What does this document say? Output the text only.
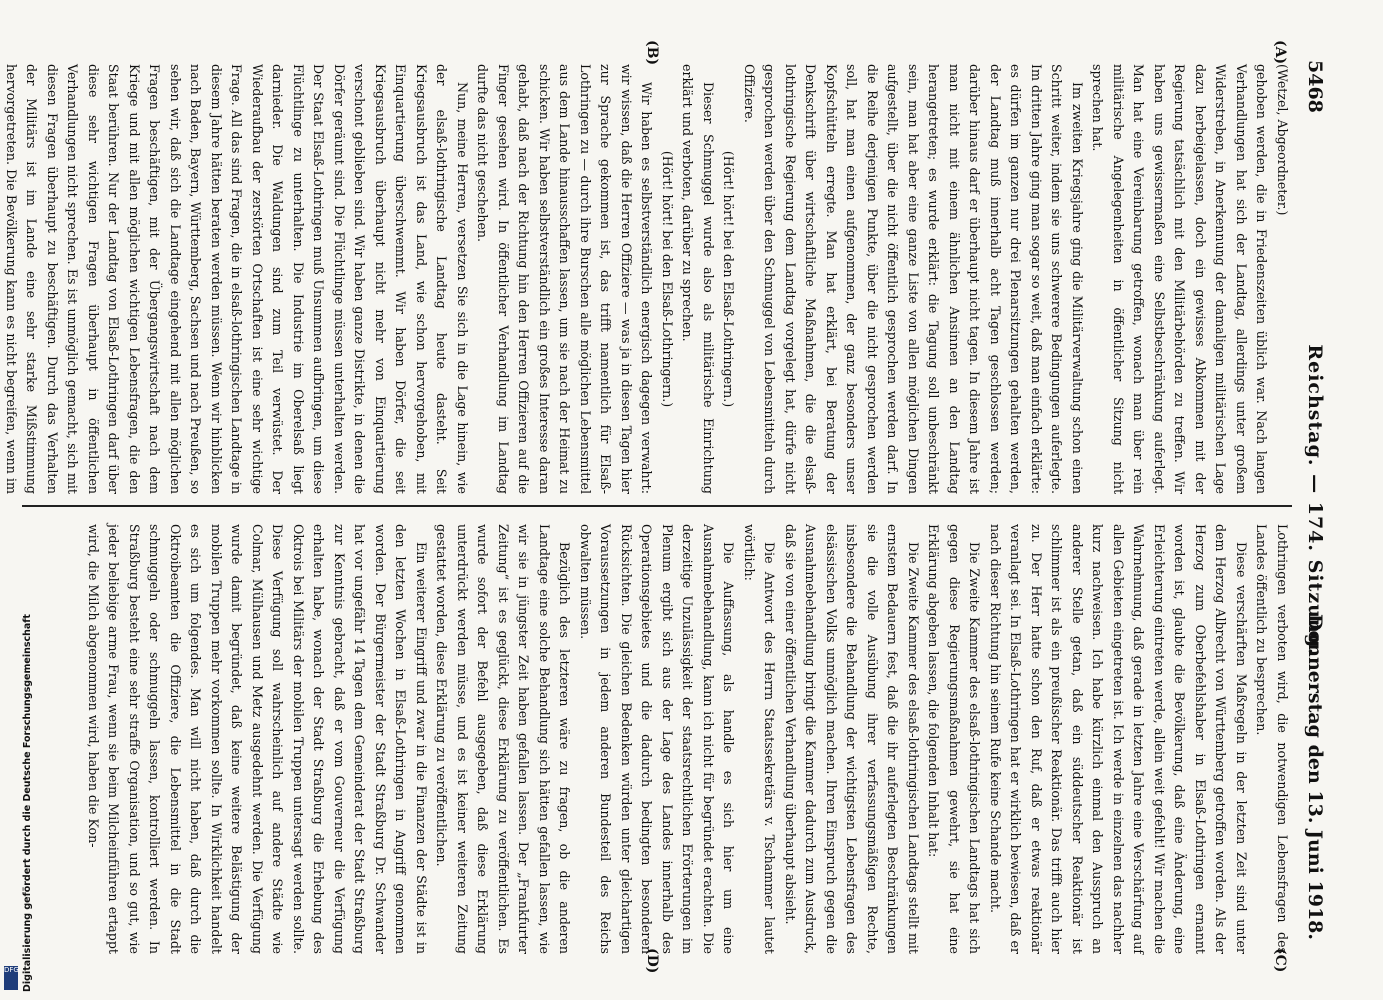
Digitalisierung gefördert durch die Deutsche Forschungsgemeinschaft
DFG
5468
Reichstag. — 174. Sitzung.
Donnerstag den 13. Juni 1918.
(A)
(B)
(C)
(D)

(Wetzel, Abgeordneter.)

gehoben werden, die in Friedenszeiten üblich war. Nach langen Verhandlungen hat sich der Landtag, allerdings unter großem Widerstreben, in Anerkennung der damaligen militärischen Lage dazu herbeigelassen, doch ein gewisses Abkommen mit der Regierung tatsächlich mit den Militärbehörden zu treffen. Wir haben uns gewissermaßen eine Selbstbeschränkung auferlegt. Man hat eine Vereinbarung getroffen, wonach man über rein militärische Angelegenheiten in öffentlicher Sitzung nicht sprechen hat.

Im zweiten Kriegsjahre ging die Militärverwaltung schon einen Schritt weiter, indem sie uns schwerere Bedingungen auferlegte. Im dritten Jahre ging man sogar so weit, daß man einfach erklärte: es dürfen im ganzen nur drei Plenarsitzungen gehalten werden, der Landtag muß innerhalb acht Tagen geschlossen werden; darüber hinaus darf er überhaupt nicht tagen. In diesem Jahre ist man nicht mit einem ähnlichen Ansinnen an den Landtag herangetreten; es wurde erklärt: die Tagung soll unbeschränkt sein, man hat aber eine ganze Liste von allen möglichen Dingen aufgestellt, über die nicht öffentlich gesprochen werden darf. In die Reihe derjenigen Punkte, über die nicht gesprochen werden soll, hat man einen aufgenommen, der ganz besonders unser Kopfschütteln erregte. Man hat erklärt, bei Beratung der Denkschrift über wirtschaftliche Maßnahmen, die die elsaß-lothringische Regierung dem Landtag vorgelegt hat, dürfe nicht gesprochen werden über den Schmuggel von Lebensmitteln durch Offiziere.

(Hört! hört! bei den Elsaß-Lothringern.)

Dieser Schmuggel wurde also als militärische Einrichtung erklärt und verboten, darüber zu sprechen.

(Hört! hört! bei den Elsaß-Lothringern.)

Wir haben es selbstverständlich energisch dagegen verwahrt: wir wissen, daß die Herren Offiziere — was ja in diesen Tagen hier zur Sprache gekommen ist, das trifft namentlich für Elsaß-Lothringen zu — durch ihre Burschen alle möglichen Lebensmittel aus dem Lande hinausschaffen lassen, um sie nach der Heimat zu schicken. Wir haben selbstverständlich ein großes Interesse daran gehabt, daß nach der Richtung hin den Herren Offizieren auf die Finger gesehen wird. In öffentlicher Verhandlung im Landtag durfte das nicht geschehen.

Nun, meine Herren, versetzen Sie sich in die Lage hinein, wie der elsaß-lothringische Landtag heute dasteht. Seit Kriegsausbruch ist das Land, wie schon hervorgehoben, mit Einquartierung überschwemmt. Wir haben Dörfer, die seit Kriegsausbruch überhaupt nicht mehr von Einquartierung verschont geblieben sind. Wir haben ganze Distrikte, in denen die Dörfer geräumt sind. Die Flüchtlinge müssen unterhalten werden. Der Staat Elsaß-Lothringen muß Unsummen aufbringen, um diese Flüchtlinge zu unterhalten. Die Industrie im Oberelsaß liegt darnieder. Die Waldungen sind zum Teil verwüstet. Der Wiederaufbau der zerstörten Ortschaften ist eine sehr wichtige Frage. All das sind Fragen, die in elsaß-lothringischen Landtage in diesem Jahre hätten beraten werden müssen. Wenn wir hinblicken nach Baden, Bayern, Württemberg, Sachsen und nach Preußen, so sehen wir, daß sich die Landtage eingehend mit allen möglichen Fragen beschäftigen, mit der Übergangswirtschaft nach dem Kriege und mit allen möglichen wichtigen Lebensfragen, die den Staat berühren. Nur der Landtag von Elsaß-Lothringen darf über diese sehr wichtigen Fragen überhaupt in öffentlichen Verhandlungen nicht sprechen. Es ist unmöglich gemacht, sich mit diesen Fragen überhaupt zu beschäftigen. Durch das Verhalten der Militärs ist im Lande eine sehr starke Mißstimmung hervorgetreten. Die Bevölkerung kann es nicht begreifen, wenn im

Lothringen verboten wird, die notwendigen Lebensfragen des Landes öffentlich zu besprechen.

Diese verschärften Maßregeln in der letzten Zeit sind unter dem Herzog Albrecht von Württemberg getroffen worden. Als der Herzog zum Oberbefehlshaber in Elsaß-Lothringen ernannt worden ist, glaubte die Bevölkerung, daß eine Änderung, eine Erleichterung eintreten werde, allein weit gefehlt! Wir machen die Wahrnehmung, daß gerade in letzten Jahre eine Verschärfung auf allen Gebieten eingetreten ist. Ich werde in einzelnen das nachher kurz nachweisen. Ich habe kürzlich einmal den Ausspruch an anderer Stelle getan, daß ein süddeutscher Reaktionär ist schlimmer ist als ein preußischer Reaktionär. Das trifft auch hier zu. Der Herr hatte schon den Ruf, daß er etwas reaktionär veranlagt sei. In Elsaß-Lothringen hat er wirklich bewiesen, daß er nach dieser Richtung hin seinem Rufe keine Schande macht.

Die Zweite Kammer des elsaß-lothringischen Landtags hat sich gegen diese Regierungsmaßnahmen gewehrt, sie hat eine Erklärung abgeben lassen, die folgenden Inhalt hat:

Die Zweite Kammer des elsaß-lothringischen Landtags stellt mit ernstem Bedauern fest, daß die ihr auferlegten Beschränkungen sie die volle Ausübung ihrer verfassungsmäßigen Rechte, insbesondere die Behandlung der wichtigsten Lebensfragen des elsässischen Volks unmöglich machen. Ihren Einspruch gegen die Ausnahmebehandlung bringt die Kammer dadurch zum Ausdruck, daß sie von einer öffentlichen Verhandlung überhaupt absieht.

Die Antwort des Herrn Staatssekretärs v. Tschammer lautet wörtlich:

Die Auffassung, als handle es sich hier um eine Ausnahmebehandlung, kann ich nicht für begründet erachten. Die derzeitige Unzulässigkeit der staatsrechtlichen Erörterungen im Plenum ergibt sich aus der Lage des Landes innerhalb des Operationsgebietes und die dadurch bedingten besonderen Rücksichten. Die gleichen Bedenken würden unter gleichartigen Voraussetzungen in jedem anderen Bundesteil des Reichs obwalten müssen.

Bezüglich des letzteren wäre zu fragen, ob die anderen Landtage eine solche Behandlung sich hätten gefallen lassen, wie wir sie in jüngster Zeit haben gefallen lassen. Der „Frankfurter Zeitung“ ist es geglückt, diese Erklärung zu veröffentlichen. Es wurde sofort der Befehl ausgegeben, daß diese Erklärung unterdrückt werden müsse, und es ist keiner weiteren Zeitung gestattet worden, diese Erklärung zu veröffentlichen.

Ein weiterer Eingriff und zwar in die Finanzen der Städte ist in den letzten Wochen in Elsaß-Lothringen in Angriff genommen worden. Der Bürgermeister der Stadt Straßburg Dr. Schwander hat vor ungefähr 14 Tagen dem Gemeinderat der Stadt Straßburg zur Kenntnis gebracht, daß er vom Gouverneur die Verfügung erhalten habe, wonach der Stadt Straßburg die Erhebung des Oktrois bei Militärs der mobilen Truppen untersagt werden sollte. Diese Verfügung soll wahrscheinlich auf andere Städte wie Colmar, Mülhausen und Metz ausgedehnt werden. Die Verfügung wurde damit begründet, daß keine weitere Belästigung der mobilen Truppen mehr vorkommen sollte. In Wirklichkeit handelt es sich um folgendes. Man will nicht haben, daß durch die Oktroibeamten die Offiziere, die Lebensmittel in die Stadt schmuggeln oder schmuggeln lassen, kontrolliert werden. In Straßburg besteht eine sehr straffe Organisation, und so gut, wie jeder beliebige arme Frau, wenn sie beim Milcheinführen ertappt wird, die Milch abgenommen wird, haben die Kon-
